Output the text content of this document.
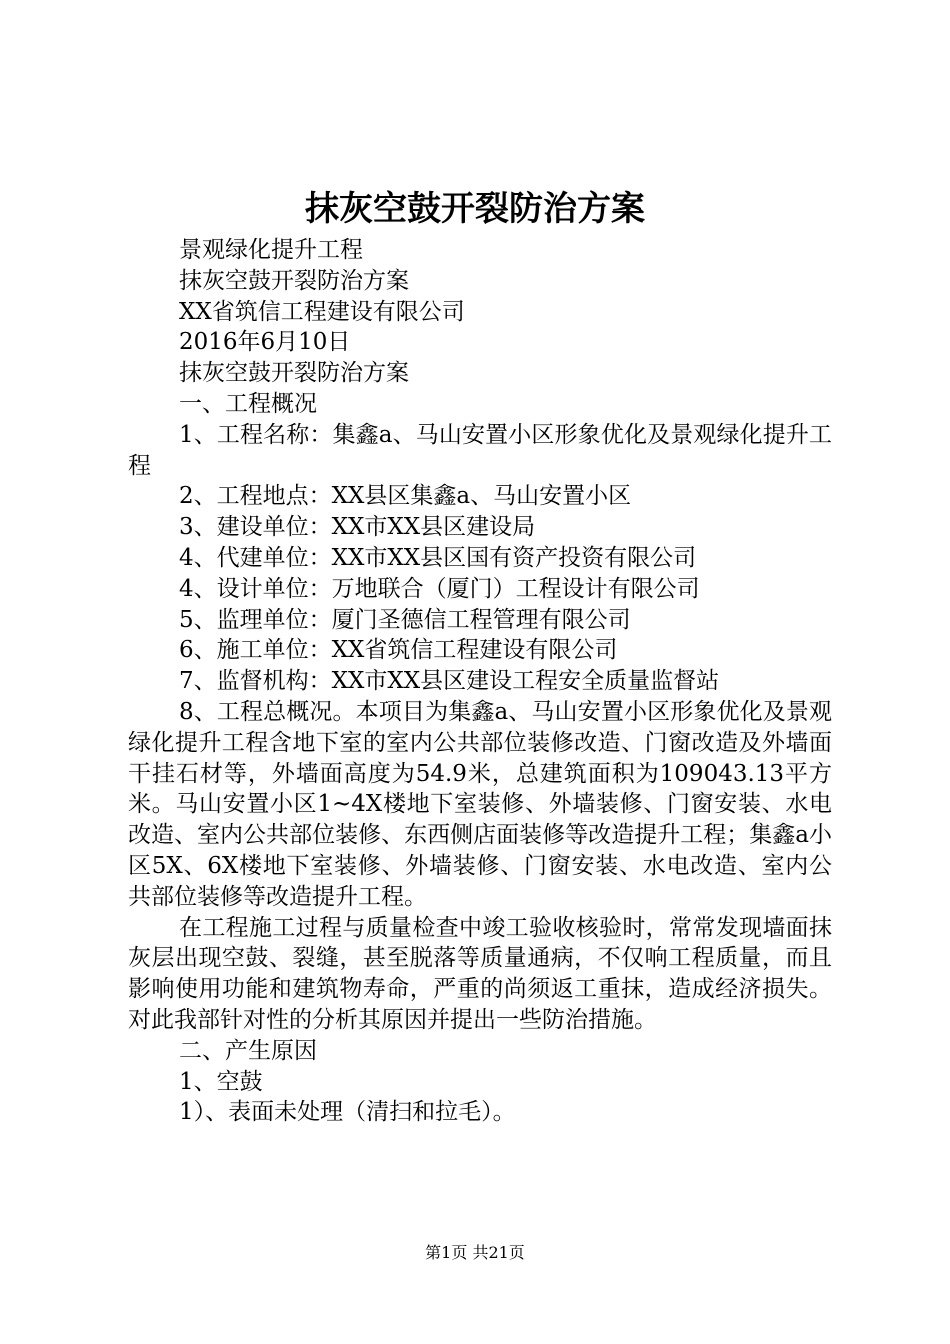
抹灰空鼓开裂防治方案

景观绿化提升工程

抹灰空鼓开裂防治方案

XX省筑信工程建设有限公司

2016年6月10日

抹灰空鼓开裂防治方案

一、工程概况

1、工程名称：集鑫a、马山安置小区形象优化及景观绿化提升工程

2、工程地点：XX县区集鑫a、马山安置小区

3、建设单位：XX市XX县区建设局

4、代建单位：XX市XX县区国有资产投资有限公司

4、设计单位：万地联合（厦门）工程设计有限公司

5、监理单位：厦门圣德信工程管理有限公司

6、施工单位：XX省筑信工程建设有限公司

7、监督机构：XX市XX县区建设工程安全质量监督站

8、工程总概况。本项目为集鑫a、马山安置小区形象优化及景观绿化提升工程含地下室的室内公共部位装修改造、门窗改造及外墙面干挂石材等，外墙面高度为54.9米，总建筑面积为109043.13平方米。马山安置小区1~4X楼地下室装修、外墙装修、门窗安装、水电改造、室内公共部位装修、东西侧店面装修等改造提升工程；集鑫a小区5X、6X楼地下室装修、外墙装修、门窗安装、水电改造、室内公共部位装修等改造提升工程。

在工程施工过程与质量检查中竣工验收核验时，常常发现墙面抹灰层出现空鼓、裂缝，甚至脱落等质量通病，不仅响工程质量，而且影响使用功能和建筑物寿命，严重的尚须返工重抹，造成经济损失。对此我部针对性的分析其原因并提出一些防治措施。

二、产生原因

1、空鼓

1）、表面未处理（清扫和拉毛）。

第1页 共21页
